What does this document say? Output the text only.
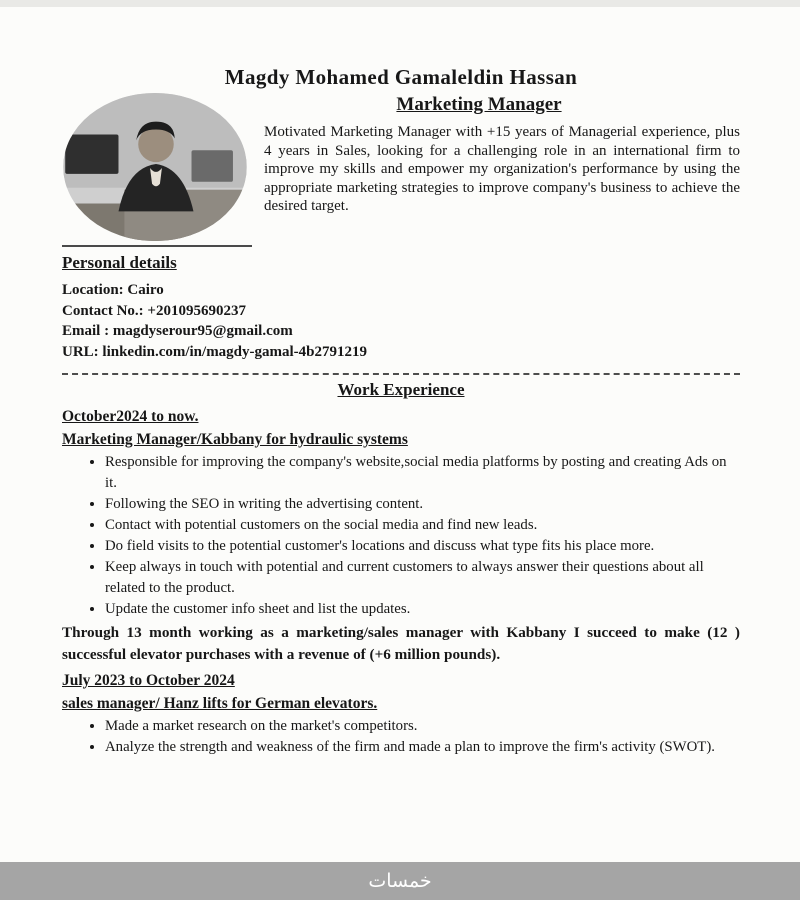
Magdy Mohamed Gamaleldin Hassan
Marketing Manager
Motivated Marketing Manager with +15 years of Managerial experience, plus 4 years in Sales, looking for a challenging role in an international firm to improve my skills and empower my organization's performance by using the appropriate marketing strategies to improve company's business to achieve the desired target.
Personal details
Location: Cairo
Contact No.: +201095690237
Email : magdyserour95@gmail.com
URL: linkedin.com/in/magdy-gamal-4b2791219
Work Experience
October2024 to now.
Marketing Manager/Kabbany for hydraulic systems
• Responsible for improving the company's website,social media platforms by posting and creating Ads on it.
• Following the SEO in writing the advertising content.
• Contact with potential customers on the social media and find new leads.
• Do field visits to the potential customer's locations and discuss what type fits his place more.
• Keep always in touch with potential and current customers to always answer their questions about all related to the product.
• Update the customer info sheet and list the updates.
Through 13 month working as a marketing/sales manager with Kabbany I succeed to make (12 ) successful elevator purchases with a revenue of (+6 million pounds).
July 2023 to October 2024
sales manager/ Hanz lifts for German elevators.
• Made a market research on the market's competitors.
• Analyze the strength and weakness of the firm and made a plan to improve the firm's activity (SWOT).
خمسات
